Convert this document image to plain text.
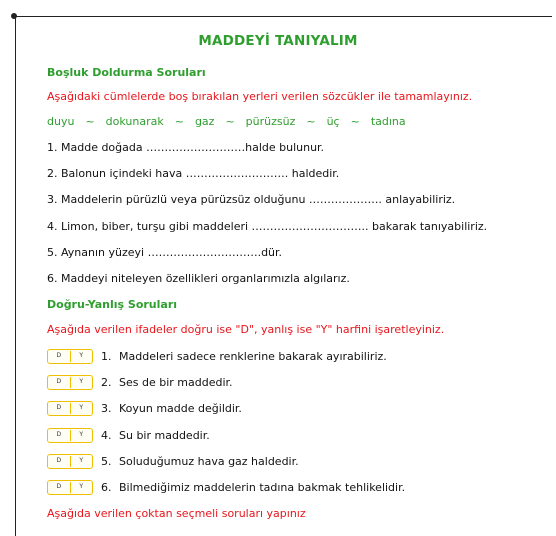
MADDEYİ TANIYALIM
Boşluk Doldurma Soruları
Aşağıdaki cümlelerde boş bırakılan yerleri verilen sözcükler ile tamamlayınız.
duyu ~ dokunarak ~ gaz ~ pürüzsüz ~ üç ~ tadına
1. Madde doğada ………………………halde bulunur.
2. Balonun içindeki hava ………………………. haldedir.
3. Maddelerin pürüzlü veya pürüzsüz olduğunu ……………….. anlayabiliriz.
4. Limon, biber, turşu gibi maddeleri ………………………….. bakarak tanıyabiliriz.
5. Aynanın yüzeyi ………………………….dür.
6. Maddeyi niteleyen özellikleri organlarımızla algılarız.
Doğru-Yanlış Soruları
Aşağıda verilen ifadeler doğru ise "D", yanlış ise "Y" harfini işaretleyiniz.
D	Y	1. Maddeleri sadece renklerine bakarak ayırabiliriz.
D	Y	2. Ses de bir maddedir.
D	Y	3. Koyun madde değildir.
D	Y	4. Su bir maddedir.
D	Y	5. Soluduğumuz hava gaz haldedir.
D	Y	6. Bilmediğimiz maddelerin tadına bakmak tehlikelidir.
Aşağıda verilen çoktan seçmeli soruları yapınız
